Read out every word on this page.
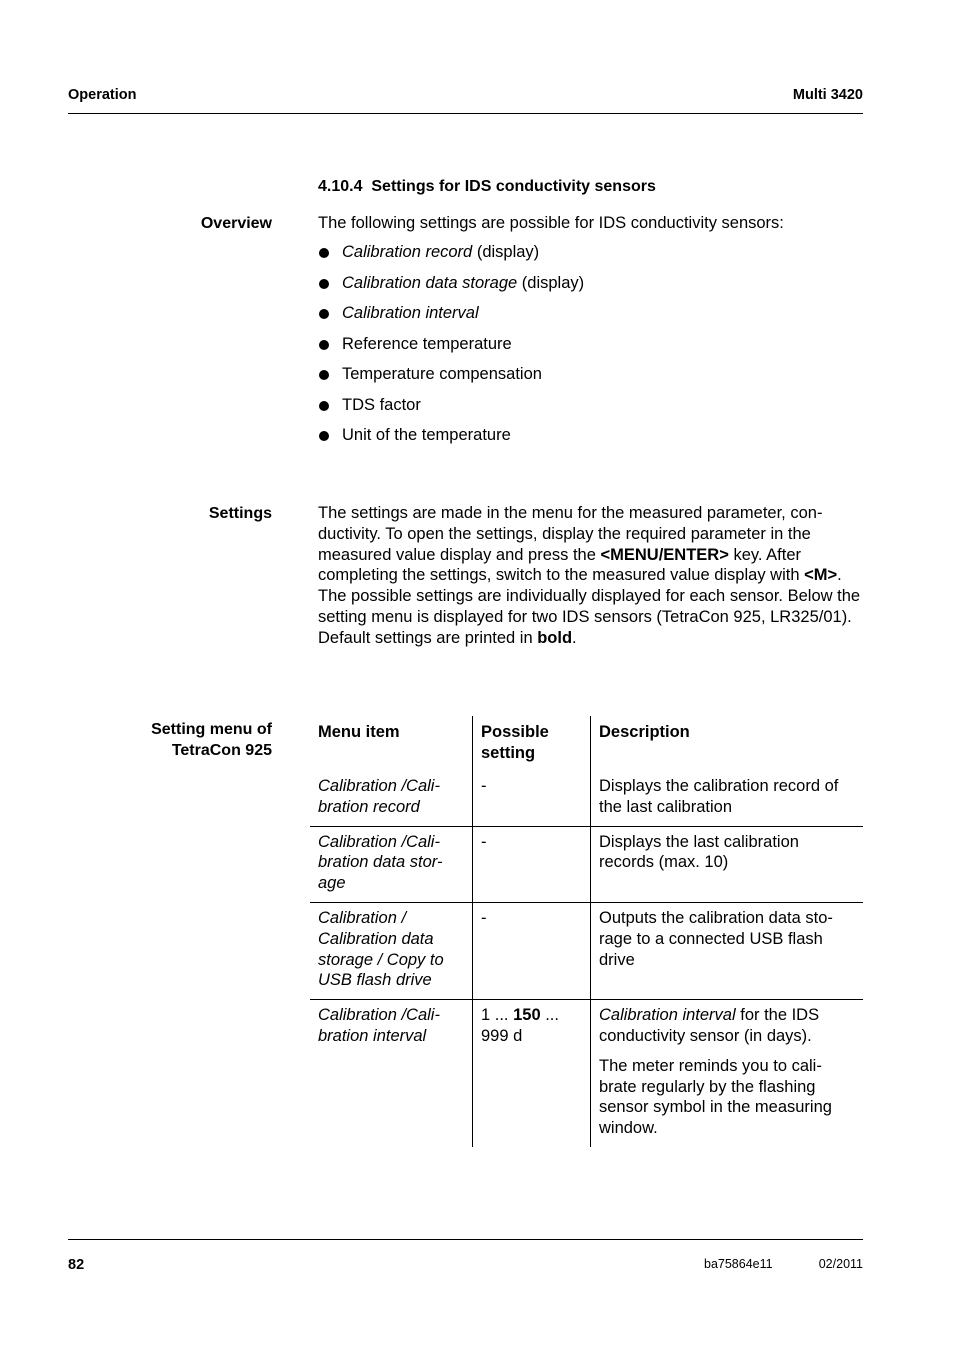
Operation	Multi 3420
4.10.4 Settings for IDS conductivity sensors
Overview	The following settings are possible for IDS conductivity sensors:
Calibration record (display)
Calibration data storage (display)
Calibration interval
Reference temperature
Temperature compensation
TDS factor
Unit of the temperature
Settings	The settings are made in the menu for the measured parameter, con-ductivity. To open the settings, display the required parameter in the measured value display and press the <MENU/ENTER> key. After completing the settings, switch to the measured value display with <M>.
The possible settings are individually displayed for each sensor. Below the setting menu is displayed for two IDS sensors (TetraCon 925, LR325/01).
Default settings are printed in bold.
Setting menu of
TetraCon 925
Menu item	Possible setting	Description
Calibration /Cali-bration record	-	Displays the calibration record of the last calibration

Calibration /Cali-bration data stor-age	-	Displays the last calibration records (max. 10)

Calibration / Calibration data storage / Copy to USB flash drive	-	Outputs the calibration data sto-rage to a connected USB flash drive

Calibration /Cali-bration interval	1 ... 150 ... 999 d	Calibration interval for the IDS conductivity sensor (in days).
The meter reminds you to cali-brate regularly by the flashing sensor symbol in the measuring window.
82	ba75864e11	02/2011
